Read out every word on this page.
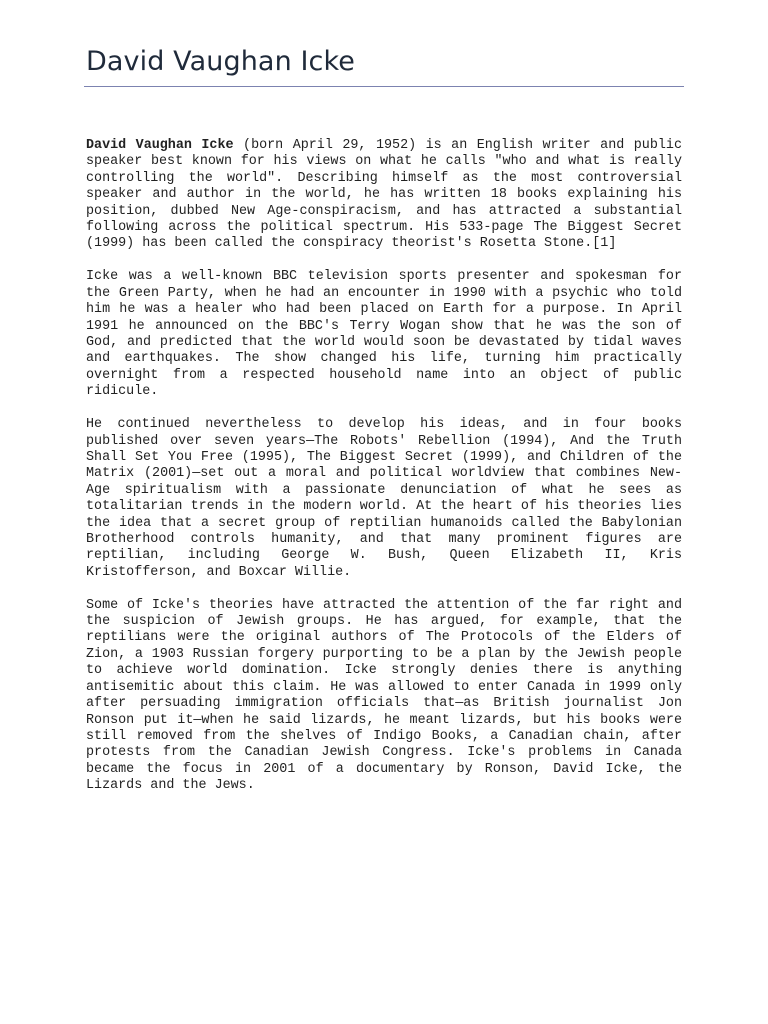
David Vaughan Icke

David Vaughan Icke (born April 29, 1952) is an English writer and public speaker best known for his views on what he calls "who and what is really controlling the world". Describing himself as the most controversial speaker and author in the world, he has written 18 books explaining his position, dubbed New Age-conspiracism, and has attracted a substantial following across the political spectrum. His 533-page The Biggest Secret (1999) has been called the conspiracy theorist's Rosetta Stone.[1]

Icke was a well-known BBC television sports presenter and spokesman for the Green Party, when he had an encounter in 1990 with a psychic who told him he was a healer who had been placed on Earth for a purpose. In April 1991 he announced on the BBC's Terry Wogan show that he was the son of God, and predicted that the world would soon be devastated by tidal waves and earthquakes. The show changed his life, turning him practically overnight from a respected household name into an object of public ridicule.

He continued nevertheless to develop his ideas, and in four books published over seven years—The Robots' Rebellion (1994), And the Truth Shall Set You Free (1995), The Biggest Secret (1999), and Children of the Matrix (2001)—set out a moral and political worldview that combines New-Age spiritualism with a passionate denunciation of what he sees as totalitarian trends in the modern world. At the heart of his theories lies the idea that a secret group of reptilian humanoids called the Babylonian Brotherhood controls humanity, and that many prominent figures are reptilian, including George W. Bush, Queen Elizabeth II, Kris Kristofferson, and Boxcar Willie.

Some of Icke's theories have attracted the attention of the far right and the suspicion of Jewish groups. He has argued, for example, that the reptilians were the original authors of The Protocols of the Elders of Zion, a 1903 Russian forgery purporting to be a plan by the Jewish people to achieve world domination. Icke strongly denies there is anything antisemitic about this claim. He was allowed to enter Canada in 1999 only after persuading immigration officials that—as British journalist Jon Ronson put it—when he said lizards, he meant lizards, but his books were still removed from the shelves of Indigo Books, a Canadian chain, after protests from the Canadian Jewish Congress. Icke's problems in Canada became the focus in 2001 of a documentary by Ronson, David Icke, the Lizards and the Jews.
